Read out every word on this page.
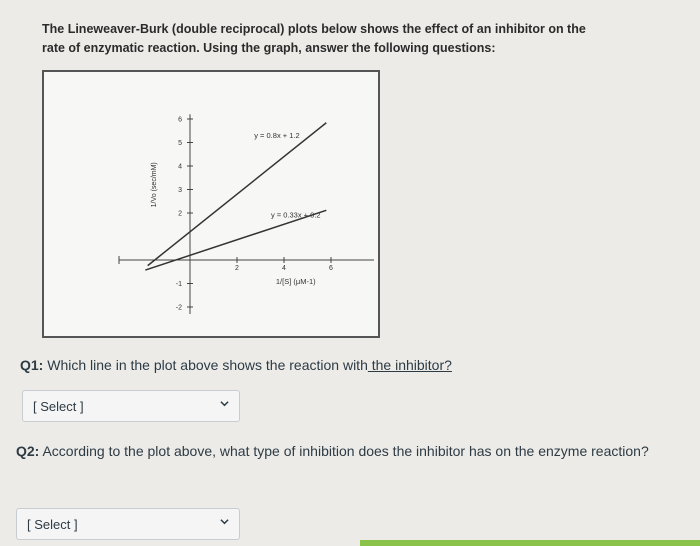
The Lineweaver-Burk (double reciprocal) plots below shows the effect of an inhibitor on the
rate of enzymatic reaction. Using the graph, answer the following questions:
2	4	6
-2
-1
2
3
4
5
6
1/Vo (sec/mM)
1/[S] (μM-1)
y = 0.8x + 1.2
y = 0.33x + 0.2
Q1: Which line in the plot above shows the reaction with the inhibitor?
[ Select ]
Q2: According to the plot above, what type of inhibition does the inhibitor has on the enzyme reaction?
[ Select ]
